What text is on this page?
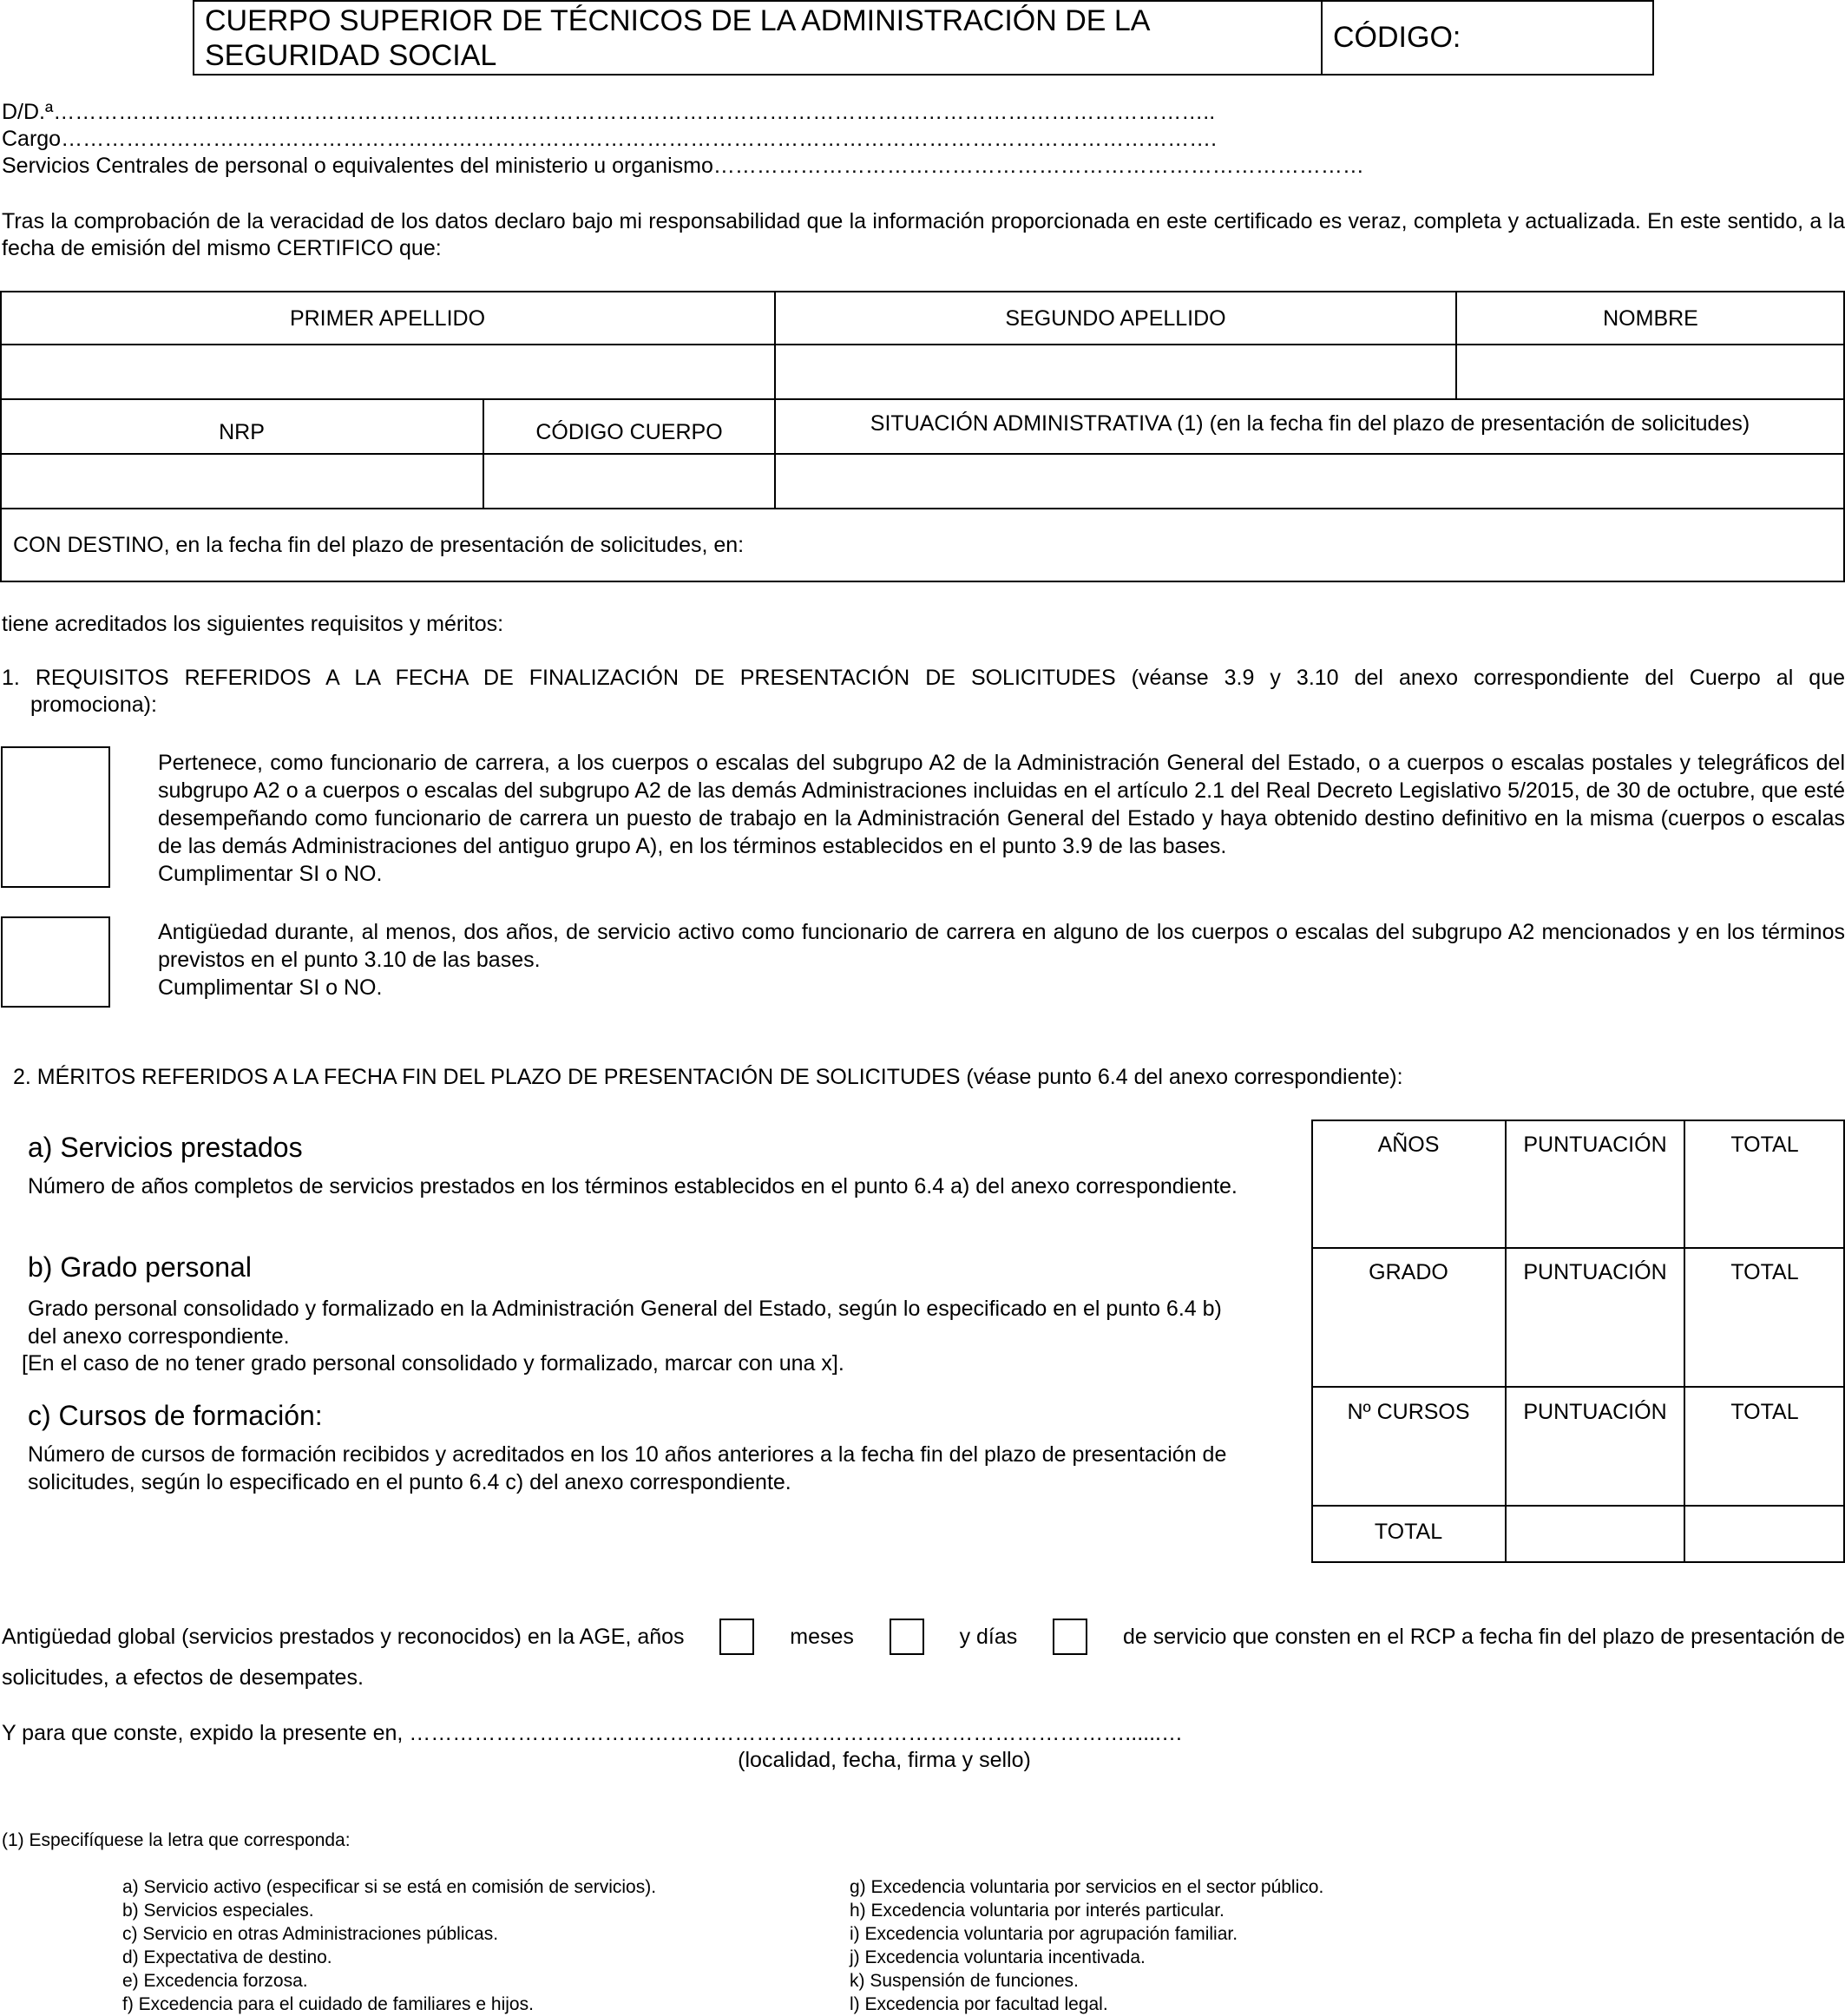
CUERPO SUPERIOR DE TÉCNICOS DE LA ADMINISTRACIÓN DE LA
SEGURIDAD SOCIAL
CÓDIGO:
D/D.ª……………………………………………………………………………………………………………………………………………..
Cargo…………………………………………………………………………………………………………………………………………….
Servicios Centrales de personal o equivalentes del ministerio u organismo………………………………………………………………………………
Tras la comprobación de la veracidad de los datos declaro bajo mi responsabilidad que la información proporcionada en este certificado es veraz, completa y actualizada. En este sentido, a la fecha de emisión del mismo CERTIFICO que:
PRIMER APELLIDO	SEGUNDO APELLIDO	NOMBRE
NRP	CÓDIGO CUERPO	SITUACIÓN ADMINISTRATIVA (1) (en la fecha fin del plazo de presentación de solicitudes)
CON DESTINO, en la fecha fin del plazo de presentación de solicitudes, en:
tiene acreditados los siguientes requisitos y méritos:
1. REQUISITOS REFERIDOS A LA FECHA DE FINALIZACIÓN DE PRESENTACIÓN DE SOLICITUDES (véanse 3.9 y 3.10 del anexo correspondiente del Cuerpo al que
promociona):
Pertenece, como funcionario de carrera, a los cuerpos o escalas del subgrupo A2 de la Administración General del Estado, o a cuerpos o escalas postales y telegráficos del subgrupo A2 o a cuerpos o escalas del subgrupo A2 de las demás Administraciones incluidas en el artículo 2.1 del Real Decreto Legislativo 5/2015, de 30 de octubre, que esté desempeñando como funcionario de carrera un puesto de trabajo en la Administración General del Estado y haya obtenido destino definitivo en la misma (cuerpos o escalas de las demás Administraciones del antiguo grupo A), en los términos establecidos en el punto 3.9 de las bases.
Cumplimentar SI o NO.
Antigüedad durante, al menos, dos años, de servicio activo como funcionario de carrera en alguno de los cuerpos o escalas del subgrupo A2 mencionados y en los términos previstos en el punto 3.10 de las bases.
Cumplimentar SI o NO.
2. MÉRITOS REFERIDOS A LA FECHA FIN DEL PLAZO DE PRESENTACIÓN DE SOLICITUDES (véase punto 6.4 del anexo correspondiente):
a) Servicios prestados
Número de años completos de servicios prestados en los términos establecidos en el punto 6.4 a) del anexo correspondiente.
b) Grado personal
Grado personal consolidado y formalizado en la Administración General del Estado, según lo especificado en el punto 6.4 b) del anexo correspondiente.
[En el caso de no tener grado personal consolidado y formalizado, marcar con una x].
c) Cursos de formación:
Número de cursos de formación recibidos y acreditados en los 10 años anteriores a la fecha fin del plazo de presentación de solicitudes, según lo especificado en el punto 6.4 c) del anexo correspondiente.
AÑOS	PUNTUACIÓN	TOTAL
GRADO	PUNTUACIÓN	TOTAL
Nº CURSOS	PUNTUACIÓN	TOTAL
TOTAL
Antigüedad global (servicios prestados y reconocidos) en la AGE, años	meses	y días	de servicio que consten en el RCP a fecha fin del plazo de presentación de
solicitudes, a efectos de desempates.
Y para que conste, expido la presente en, ………………………………………………………………………………………......…
(localidad, fecha, firma y sello)
(1) Especifíquese la letra que corresponda:
a) Servicio activo (especificar si se está en comisión de servicios).
b) Servicios especiales.
c) Servicio en otras Administraciones públicas.
d) Expectativa de destino.
e) Excedencia forzosa.
f) Excedencia para el cuidado de familiares e hijos.
g) Excedencia voluntaria por servicios en el sector público.
h) Excedencia voluntaria por interés particular.
i) Excedencia voluntaria por agrupación familiar.
j) Excedencia voluntaria incentivada.
k) Suspensión de funciones.
l) Excedencia por facultad legal.
